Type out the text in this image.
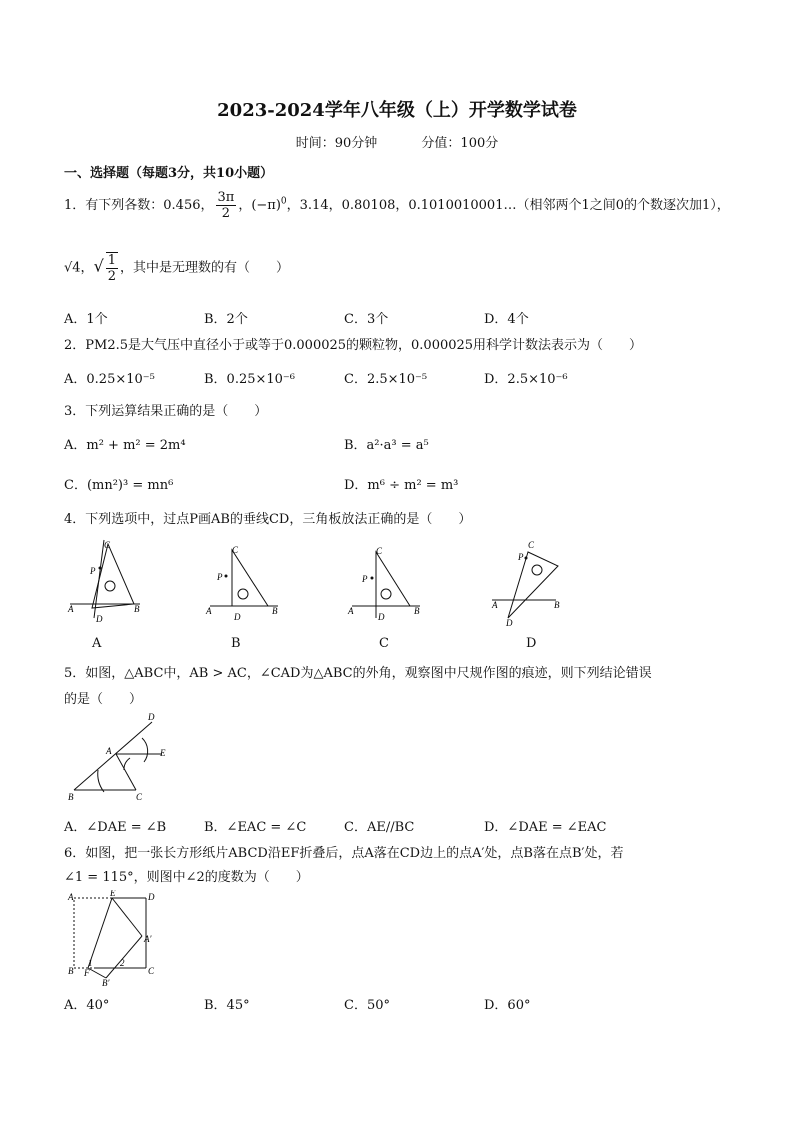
2023-2024学年八年级（上）开学数学试卷
时间：90分钟	分值：100分
一、选择题（每题3分，共10小题）
1．有下列各数：0.456， $\frac{3\pi}{2}$ ，$(-\pi)^0$，3.14，0.80108，0.1010010001…（相邻两个1之间0的个数逐次加1），
√4，√ $\frac{1}{2}$ ，其中是无理数的有（　　）
A．1个	B．2个	C．3个	D．4个
2．PM2.5是大气压中直径小于或等于0.000025的颗粒物，0.000025用科学计数法表示为（　　）
A．0.25×10⁻⁵	B．0.25×10⁻⁶	C．2.5×10⁻⁵	D．2.5×10⁻⁶
3．下列运算结果正确的是（　　）
A．m² + m² = 2m⁴	B．a²·a³ = a⁵
C．(mn²)³ = mn⁶	D．m⁶ ÷ m² = m³
4．下列选项中，过点P画AB的垂线CD，三角板放法正确的是（　　）
C
P
A	B
D
C
P
A	B
D
C
P
A	B
D
C
P
A	B
D
A	B	C	D
5．如图，△ABC中，AB > AC，∠CAD为△ABC的外角，观察图中尺规作图的痕迹，则下列结论错误
的是（　　）
D
A	E
B	C
A．∠DAE = ∠B	B．∠EAC = ∠C	C．AE//BC	D．∠DAE = ∠EAC
6．如图，把一张长方形纸片ABCD沿EF折叠后，点A落在CD边上的点A′处，点B落在点B′处，若
∠1 = 115°，则图中∠2的度数为（　　）
A	E	D
A′
B F	C
B′
1	2
A．40°	B．45°	C．50°	D．60°
